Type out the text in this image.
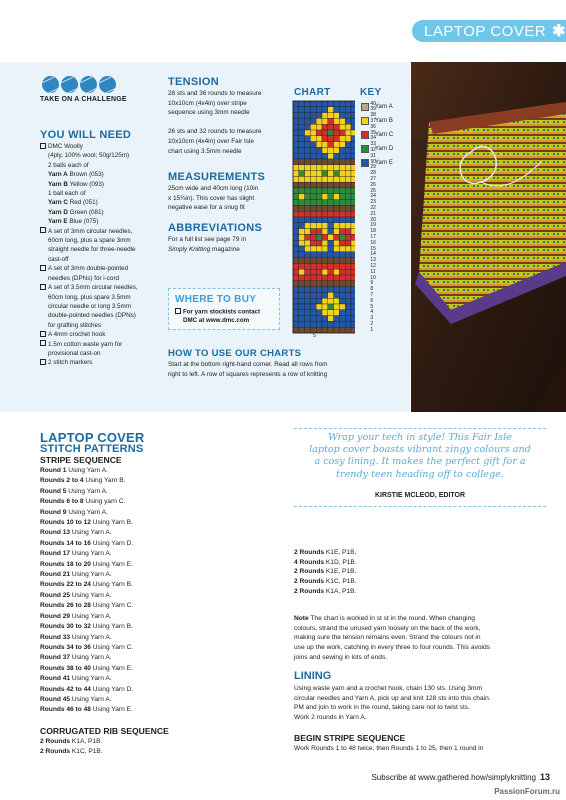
LAPTOP COVER ✱
TAKE ON A CHALLENGE
YOU WILL NEED
DMC Woolly
(4ply, 100% wool; 50g/125m)
2 balls each of
Yarn A Brown (053)
Yarn B Yellow (093)
1 ball each of
Yarn C Red (051)
Yarn D Green (081)
Yarn E Blue (075)
A set of 3mm circular needles,
60cm long, plus a spare 3mm
straight needle for three-needle
cast-off
A set of 3mm double-pointed
needles (DPNs) for i-cord
A set of 3.5mm circular needles,
60cm long, plus spare 3.5mm
circular needle or long 3.5mm
double-pointed needles (DPNs)
for grafting stitches
A 4mm crochet hook
1.5m cotton waste yarn for
provisional cast-on
2 stitch markers
TENSION
28 sts and 36 rounds to measure
10x10cm (4x4in) over stripe
sequence using 3mm needle

26 sts and 32 rounds to measure
10x10cm (4x4in) over Fair Isle
chart using 3.5mm needle
MEASUREMENTS
25cm wide and 40cm long (10in
x 15¾in). This cover has slight
negative ease for a snug fit
ABBREVIATIONS
For a full list see page 79 in
Simply Knitting magazine
WHERE TO BUY
For yarn stockists contact
DMC at www.dmc.com
CHART
5
KEY
Yarn A
Yarn B
Yarn C
Yarn D
Yarn E
HOW TO USE OUR CHARTS
Start at the bottom right-hand corner. Read all rows from
right to left. A row of squares represents a row of knitting
LAPTOP COVER
STITCH PATTERNS
STRIPE SEQUENCE
Round 1 Using Yarn A.
Rounds 2 to 4 Using Yarn B.
Round 5 Using Yarn A.
Rounds 6 to 8 Using yarn C.
Round 9 Using Yarn A.
Rounds 10 to 12 Using Yarn B.
Round 13 Using Yarn A.
Rounds 14 to 16 Using Yarn D.
Round 17 Using Yarn A.
Rounds 18 to 20 Using Yarn E.
Round 21 Using Yarn A.
Rounds 22 to 24 Using Yarn B.
Round 25 Using Yarn A.
Rounds 26 to 28 Using Yarn C.
Round 29 Using Yarn A.
Rounds 30 to 32 Using Yarn B.
Round 33 Using Yarn A.
Rounds 34 to 36 Using Yarn C.
Round 37 Using Yarn A.
Rounds 38 to 40 Using Yarn E.
Round 41 Using Yarn A.
Rounds 42 to 44 Using Yarn D.
Round 45 Using Yarn A.
Rounds 46 to 48 Using Yarn E.
CORRUGATED RIB SEQUENCE
2 Rounds K1A, P1B.
2 Rounds K1C, P1B.
Wrap your tech in style! This Fair Isle
laptop cover boasts vibrant zingy colours and
a cosy lining. It makes the perfect gift for a
trendy teen heading off to college.
KIRSTIE MCLEOD, EDITOR
2 Rounds K1E, P1B.
4 Rounds K1D, P1B.
2 Rounds K1E, P1B.
2 Rounds K1C, P1B.
2 Rounds K1A, P1B.
Note The chart is worked in st st in the round. When changing
colours, strand the unused yarn loosely on the back of the work,
making sure the tension remains even. Strand the colours not in
use up the work, catching in every three to four rounds. This avoids
joins and sewing in lots of ends.
LINING
Using waste yarn and a crochet hook, chain 130 sts. Using 3mm
circular needles and Yarn A, pick up and knit 128 sts into this chain.
PM and join to work in the round, taking care not to twist sts.
Work 2 rounds in Yarn A.
BEGIN STRIPE SEQUENCE
Work Rounds 1 to 48 twice, then Rounds 1 to 25, then 1 round in
Subscribe at www.gathered.how/simplyknitting 13
PassionForum.ru
40
39
38
37
36
35
34
33
32
31
30
29
28
27
26
25
24
23
22
21
20
19
18
17
16
15
14
13
12
11
10
9
8
7
6
5
4
3
2
1
